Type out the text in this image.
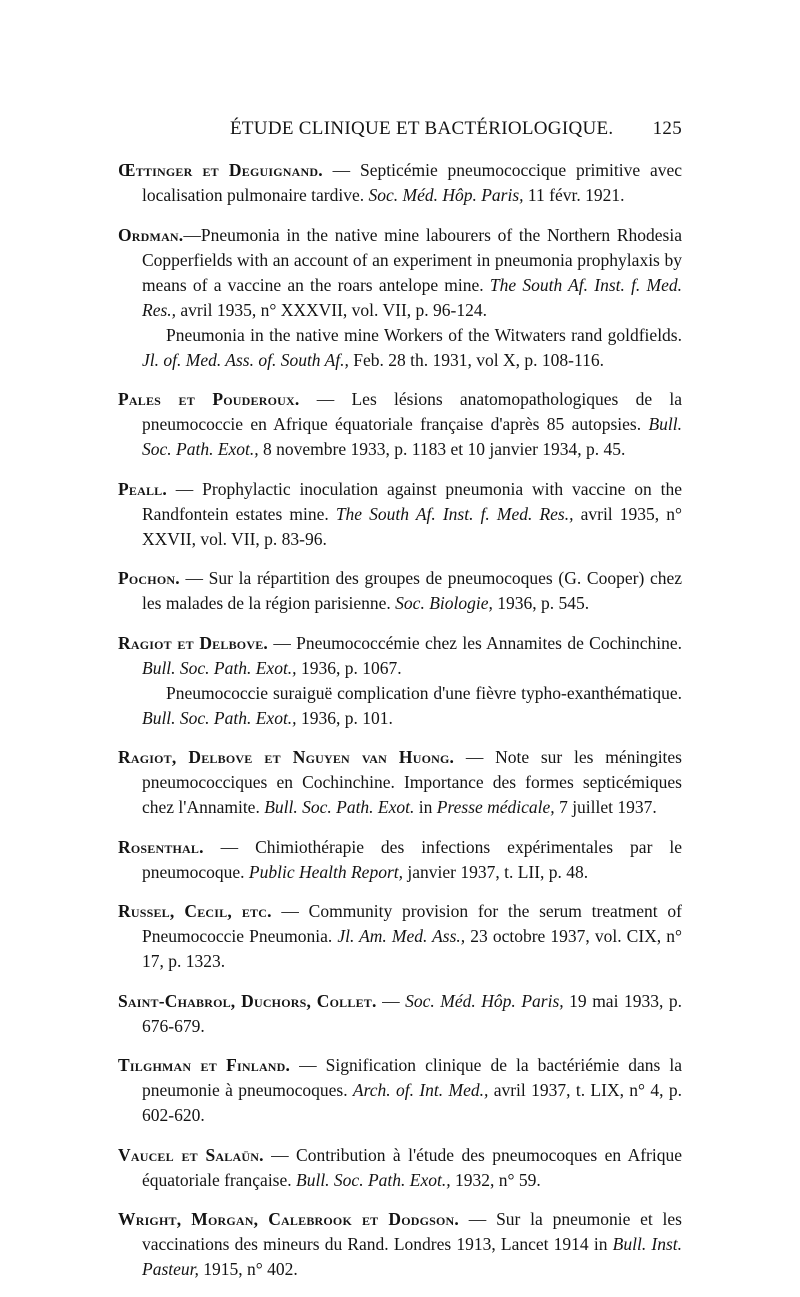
ÉTUDE CLINIQUE ET BACTÉRIOLOGIQUE. 125

Œttinger et Deguignand. — Septicémie pneumococcique primitive avec localisation pulmonaire tardive. Soc. Méd. Hôp. Paris, 11 févr. 1921.

Ordman.—Pneumonia in the native mine labourers of the Northern Rhodesia Copperfields with an account of an experiment in pneumonia prophylaxis by means of a vaccine an the roars antelope mine. The South Af. Inst. f. Med. Res., avril 1935, n° XXXVII, vol. VII, p. 96-124.

Pneumonia in the native mine Workers of the Witwaters rand goldfields. Jl. of. Med. Ass. of. South Af., Feb. 28 th. 1931, vol X, p. 108-116.

Pales et Pouderoux. — Les lésions anatomopathologiques de la pneumococcie en Afrique équatoriale française d'après 85 autopsies. Bull. Soc. Path. Exot., 8 novembre 1933, p. 1183 et 10 janvier 1934, p. 45.

Peall. — Prophylactic inoculation against pneumonia with vaccine on the Randfontein estates mine. The South Af. Inst. f. Med. Res., avril 1935, n° XXVII, vol. VII, p. 83-96.

Pochon. — Sur la répartition des groupes de pneumocoques (G. Cooper) chez les malades de la région parisienne. Soc. Biologie, 1936, p. 545.

Ragiot et Delbove. — Pneumococcémie chez les Annamites de Cochinchine. Bull. Soc. Path. Exot., 1936, p. 1067.

Pneumococcie suraiguë complication d'une fièvre typho-exanthématique. Bull. Soc. Path. Exot., 1936, p. 101.

Ragiot, Delbove et Nguyen van Huong. — Note sur les méningites pneumococciques en Cochinchine. Importance des formes septicémiques chez l'Annamite. Bull. Soc. Path. Exot. in Presse médicale, 7 juillet 1937.

Rosenthal. — Chimiothérapie des infections expérimentales par le pneumocoque. Public Health Report, janvier 1937, t. LII, p. 48.

Russel, Cecil, etc. — Community provision for the serum treatment of Pneumococcie Pneumonia. Jl. Am. Med. Ass., 23 octobre 1937, vol. CIX, n° 17, p. 1323.

Saint-Chabrol, Duchors, Collet. — Soc. Méd. Hôp. Paris, 19 mai 1933, p. 676-679.

Tilghman et Finland. — Signification clinique de la bactériémie dans la pneumonie à pneumocoques. Arch. of. Int. Med., avril 1937, t. LIX, n° 4, p. 602-620.

Vaucel et Salaün. — Contribution à l'étude des pneumocoques en Afrique équatoriale française. Bull. Soc. Path. Exot., 1932, n° 59.

Wright, Morgan, Calebrook et Dodgson. — Sur la pneumonie et les vaccinations des mineurs du Rand. Londres 1913, Lancet 1914 in Bull. Inst. Pasteur, 1915, n° 402.
